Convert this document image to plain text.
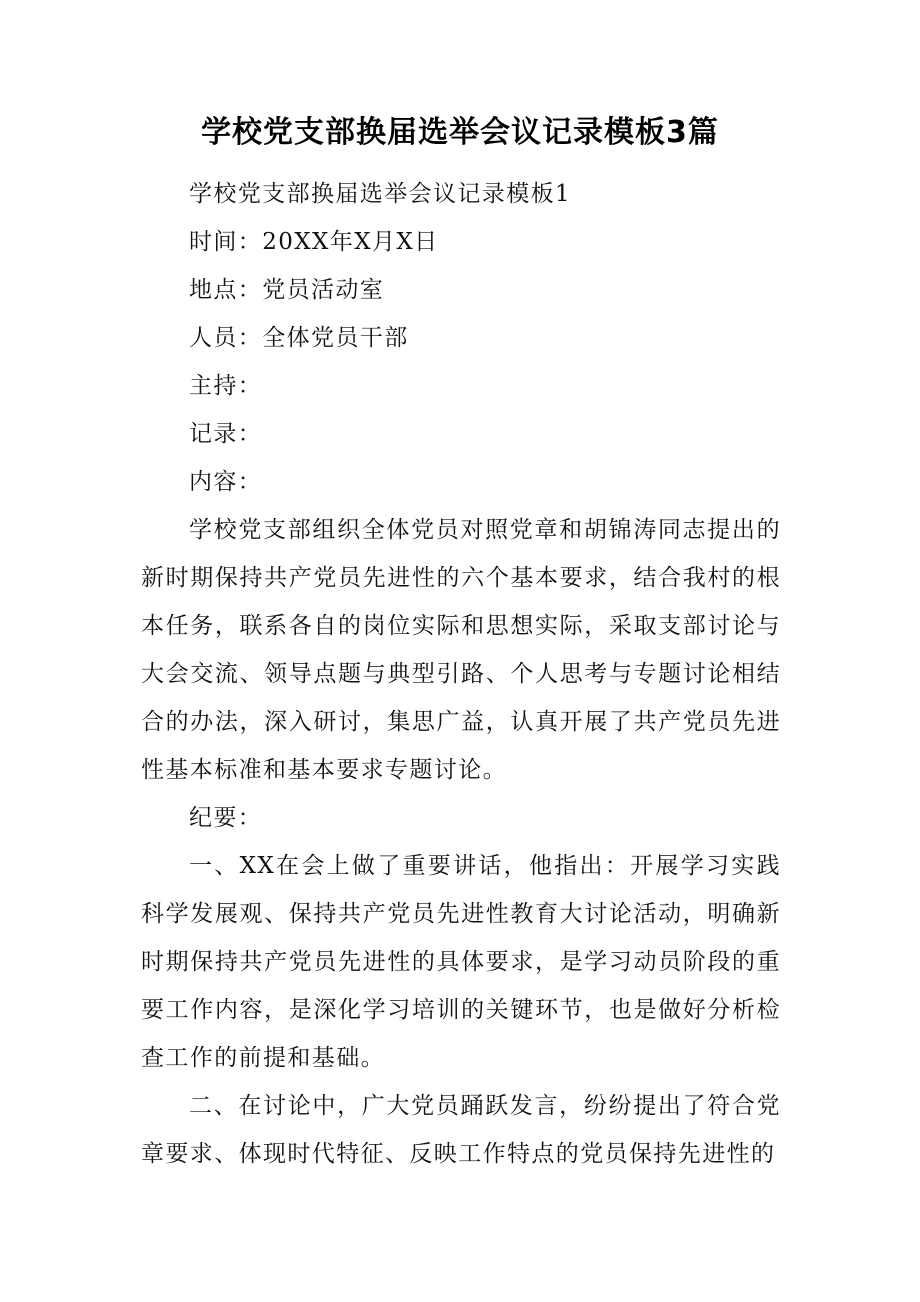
学校党支部换届选举会议记录模板3篇

学校党支部换届选举会议记录模板1

时间：20XX年X月X日

地点：党员活动室

人员：全体党员干部

主持：

记录：

内容：

学校党支部组织全体党员对照党章和胡锦涛同志提出的新时期保持共产党员先进性的六个基本要求，结合我村的根本任务，联系各自的岗位实际和思想实际，采取支部讨论与大会交流、领导点题与典型引路、个人思考与专题讨论相结合的办法，深入研讨，集思广益，认真开展了共产党员先进性基本标准和基本要求专题讨论。

纪要：

一、XX在会上做了重要讲话，他指出：开展学习实践科学发展观、保持共产党员先进性教育大讨论活动，明确新时期保持共产党员先进性的具体要求，是学习动员阶段的重要工作内容，是深化学习培训的关键环节，也是做好分析检查工作的前提和基础。

二、在讨论中，广大党员踊跃发言，纷纷提出了符合党章要求、体现时代特征、反映工作特点的党员保持先进性的
